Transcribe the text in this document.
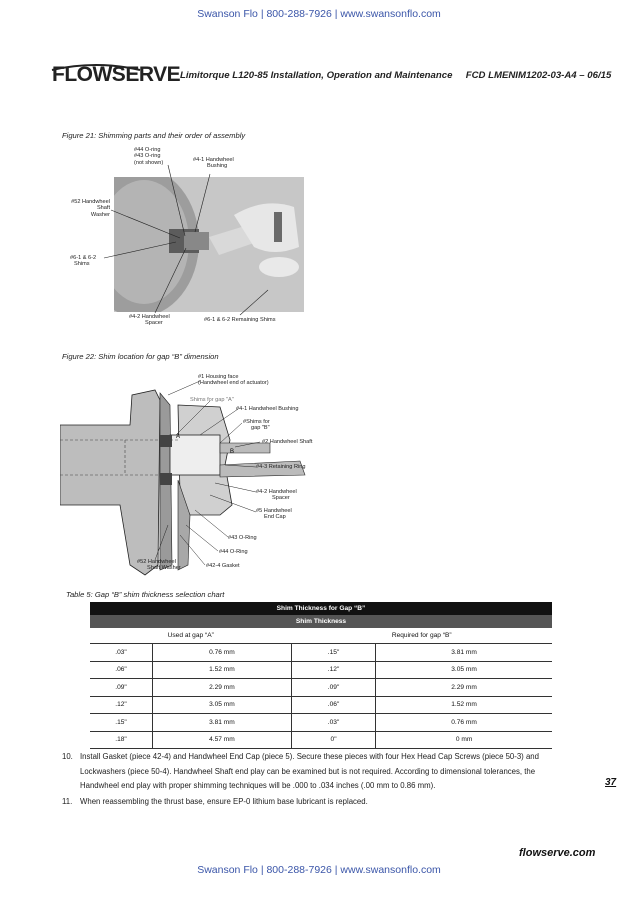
Swanson Flo | 800-288-7926 | www.swansonflo.com
FLOWSERVE Limitorque L120-85 Installation, Operation and Maintenance FCD LMENIM1202-03-A4 – 06/15
Figure 21: Shimming parts and their order of assembly
#44 O-ring
#43 O-ring
(not shown)	#4-1 Handwheel
Bushing
#52 Handwheel
Shaft
Washer
#6-1 & 6-2
Shims
#4-2 Handwheel
Spacer
#6-1 & 6-2 Remaining Shims
Figure 22: Shim location for gap “B” dimension
A
B
#1 Housing face
(Handwheel end of actuator)
Shims for gap "A"
#4-1 Handwheel Bushing
#Shims for
gap "B"
#2 Handwheel Shaft
#4-3 Retaining Ring
#4-2 Handwheel
Spacer
#5 Handwheel
End Cap
#43 O-Ring
#44 O-Ring
#42-4 Gasket
#52 Handwheel
Shaft Washer
Table 5: Gap “B” shim thickness selection chart
Shim Thickness for Gap “B”			
Shim Thickness			
Used at gap “A”		Required for gap “B”	
.03"	0.76 mm	.15"	3.81 mm
.06"	1.52 mm	.12"	3.05 mm
.09"	2.29 mm	.09"	2.29 mm
.12"	3.05 mm	.06"	1.52 mm
.15"	3.81 mm	.03"	0.76 mm
.18"	4.57 mm	0"	0 mm
10. Install Gasket (piece 42-4) and Handwheel End Cap (piece 5). Secure these pieces with four Hex Head Cap Screws (piece 50-3) and
Lockwashers (piece 50-4). Handwheel Shaft end play can be examined but is not required. According to dimensional tolerances, the
Handwheel end play with proper shimming techniques will be .000 to .034 inches (.00 mm to 0.86 mm).
11. When reassembling the thrust base, ensure EP-0 lithium base lubricant is replaced.
37
flowserve.com
Swanson Flo | 800-288-7926 | www.swansonflo.com
